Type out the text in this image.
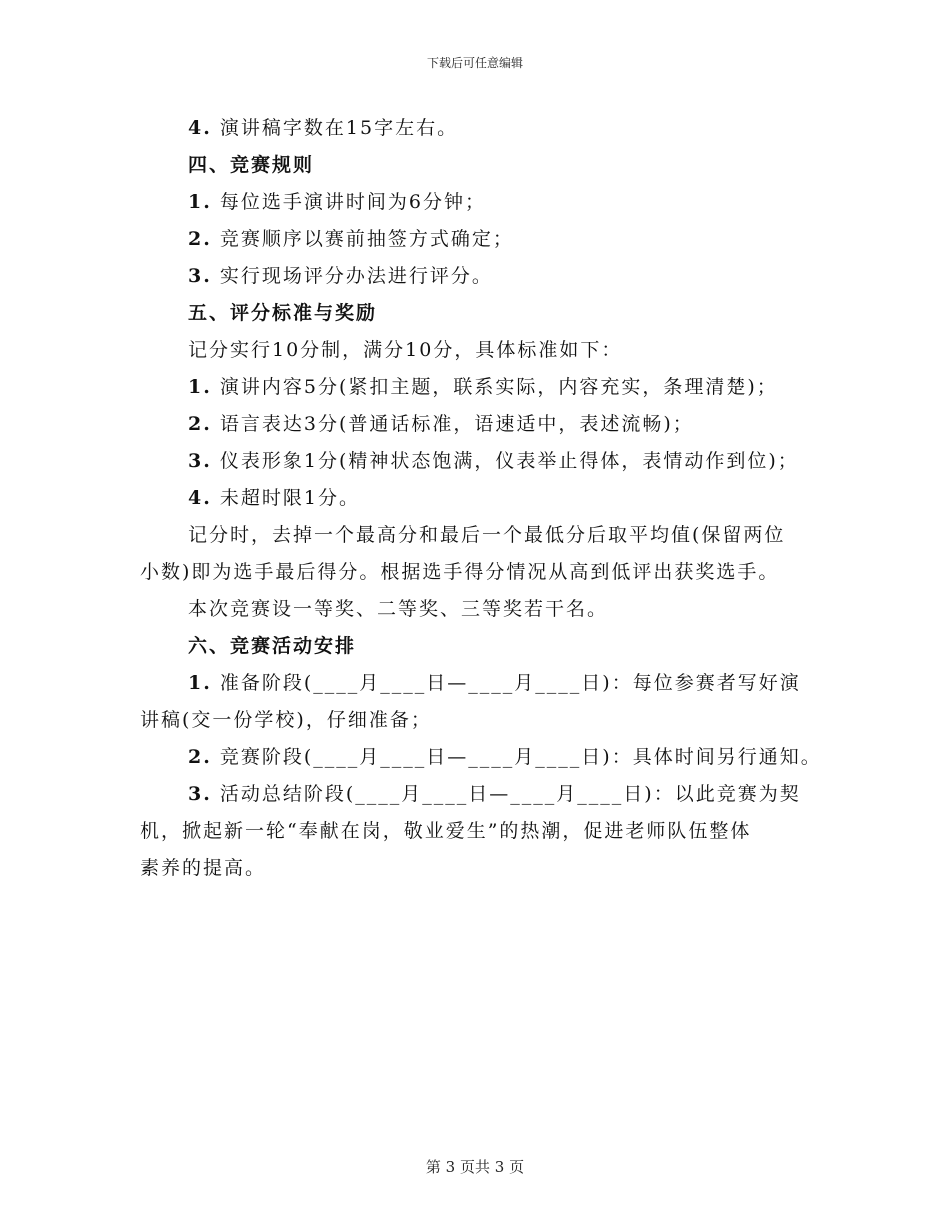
下载后可任意编辑
4. 演讲稿字数在15字左右。
四、竞赛规则
1. 每位选手演讲时间为6分钟；
2. 竞赛顺序以赛前抽签方式确定；
3. 实行现场评分办法进行评分。
五、评分标准与奖励
记分实行10分制，满分10分，具体标准如下：
1. 演讲内容5分(紧扣主题，联系实际，内容充实，条理清楚)；
2. 语言表达3分(普通话标准，语速适中，表述流畅)；
3. 仪表形象1分(精神状态饱满，仪表举止得体，表情动作到位)；
4. 未超时限1分。
记分时，去掉一个最高分和最后一个最低分后取平均值(保留两位
小数)即为选手最后得分。根据选手得分情况从高到低评出获奖选手。
本次竞赛设一等奖、二等奖、三等奖若干名。
六、竞赛活动安排
1. 准备阶段(____月____日—____月____日)：每位参赛者写好演
讲稿(交一份学校)，仔细准备；
2. 竞赛阶段(____月____日—____月____日)：具体时间另行通知。
3. 活动总结阶段(____月____日—____月____日)：以此竞赛为契
机，掀起新一轮“奉献在岗，敬业爱生”的热潮，促进老师队伍整体
素养的提高。
第 3 页共 3 页
